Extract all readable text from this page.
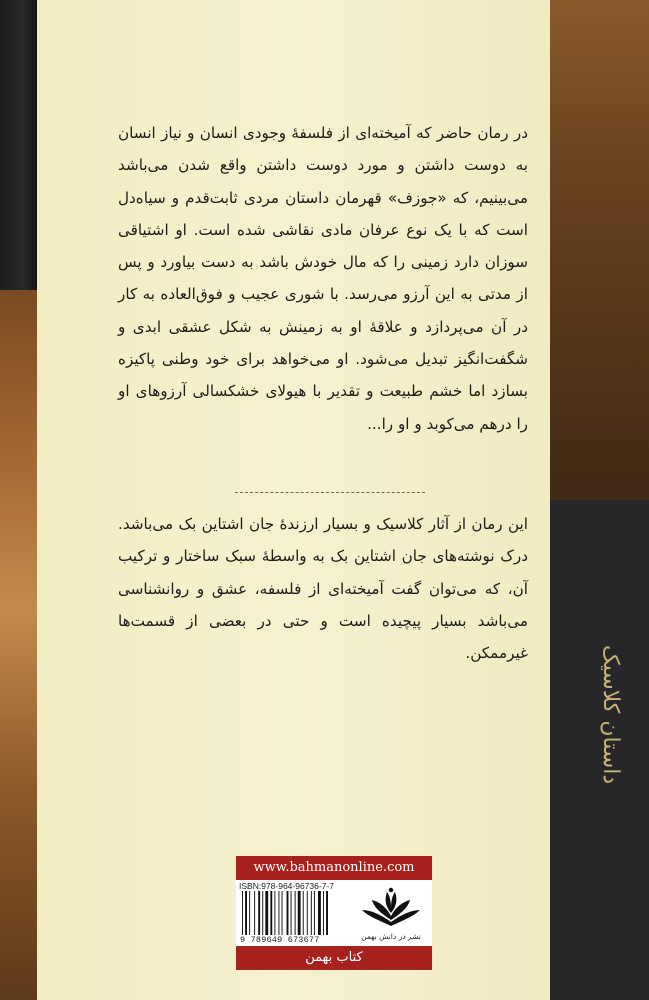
داستان کلاسیک
در رمان حاضر که آمیخته‌ای از فلسفهٔ وجودی انسان و نیاز انسان به دوست داشتن و مورد دوست داشتن واقع شدن می‌باشد می‌بینیم، که «جوزف» قهرمان داستان مردی ثابت‌قدم و سیاه‌دل است که با یک نوع عرفان مادی نقاشی شده است. او اشتیاقی سوزان دارد زمینی را که مال خودش باشد به دست بیاورد و پس از مدتی به این آرزو می‌رسد. با شوری عجیب و فوق‌العاده به کار در آن می‌پردازد و علاقهٔ او به زمینش به شکل عشقی ابدی و شگفت‌انگیز تبدیل می‌شود. او می‌خواهد برای خود وطنی پاکیزه بسازد اما خشم طبیعت و تقدیر با هیولای خشکسالی آرزوهای او را درهم می‌کوبد و او را...
این رمان از آثار کلاسیک و بسیار ارزندهٔ جان اشتاین بک می‌باشد. درک نوشته‌های جان اشتاین بک به واسطهٔ سبک ساختار و ترکیب آن، که می‌توان گفت آمیخته‌ای از فلسفه، عشق و روانشناسی می‌باشد بسیار پیچیده است و حتی در بعضی از قسمت‌ها غیرممکن.
www.bahmanonline.com
ISBN:978-964-96736-7-7
9 789649 673677	نشر در دانش بهمن
کتاب بهمن
